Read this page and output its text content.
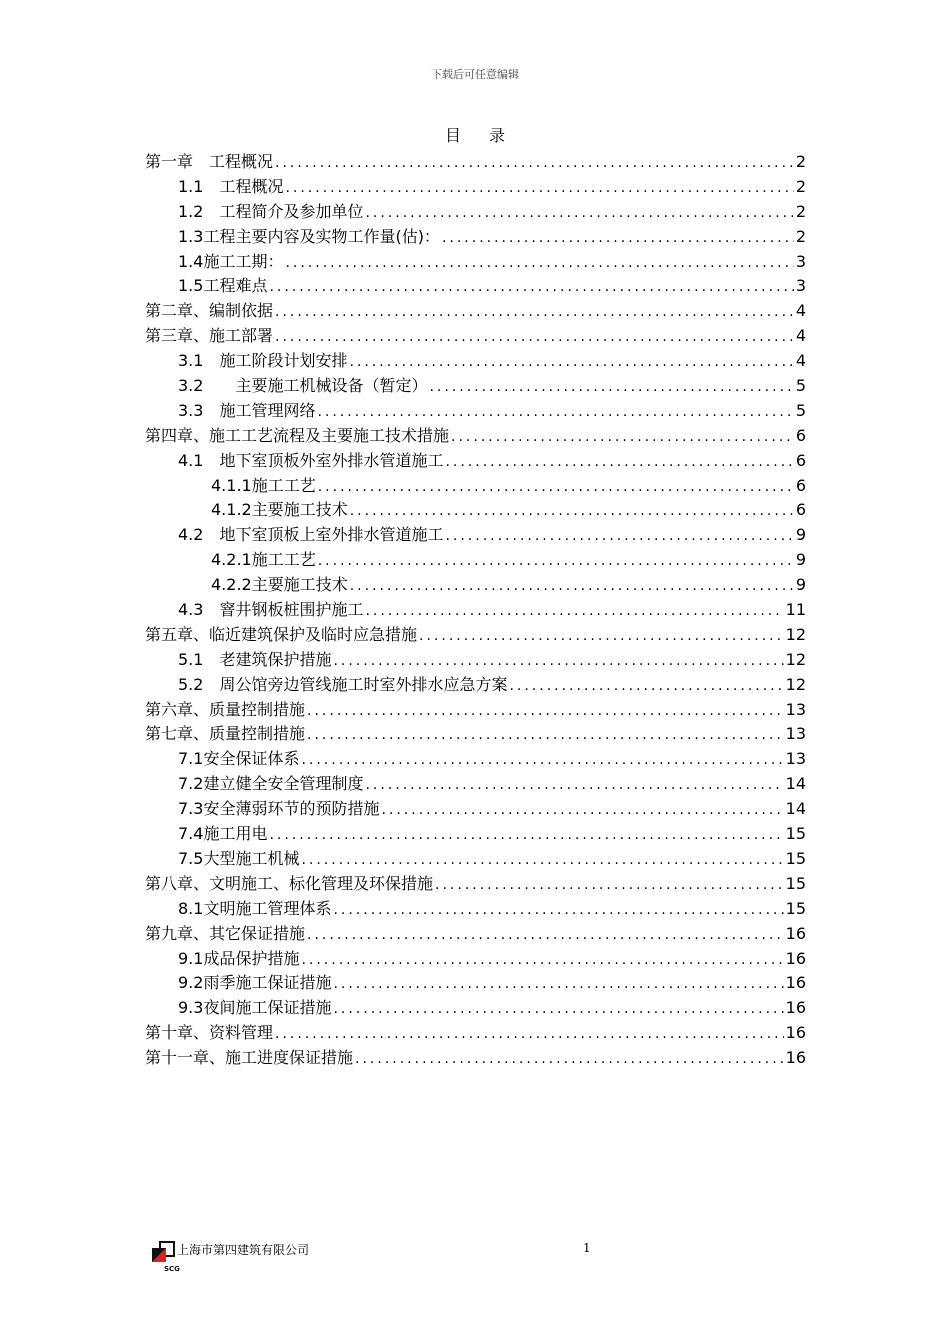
下载后可任意编辑
目录
第一章　工程概况 .....	2
1.1　工程概况 .....	2
1.2　工程简介及参加单位 .....	2
1.3工程主要内容及实物工作量(估)： .....	2
1.4施工工期： .....	3
1.5工程难点 .....	3
第二章、编制依据 .....	4
第三章、施工部署 .....	4
3.1　施工阶段计划安排 .....	4
3.2　　主要施工机械设备（暂定） .....	5
3.3　施工管理网络 .....	5
第四章、施工工艺流程及主要施工技术措施 .....	6
4.1　地下室顶板外室外排水管道施工 .....	6
4.1.1施工工艺 .....	6
4.1.2主要施工技术 .....	6
4.2　地下室顶板上室外排水管道施工 .....	9
4.2.1施工工艺 .....	9
4.2.2主要施工技术 .....	9
4.3　窨井钢板桩围护施工 .....	11
第五章、临近建筑保护及临时应急措施 .....	12
5.1　老建筑保护措施 .....	12
5.2　周公馆旁边管线施工时室外排水应急方案 .....	12
第六章、质量控制措施 .....	13
第七章、质量控制措施 .....	13
7.1安全保证体系 .....	13
7.2建立健全安全管理制度 .....	14
7.3安全薄弱环节的预防措施 .....	14
7.4施工用电 .....	15
7.5大型施工机械 .....	15
第八章、文明施工、标化管理及环保措施 .....	15
8.1文明施工管理体系 .....	15
第九章、其它保证措施 .....	16
9.1成品保护措施 .....	16
9.2雨季施工保证措施 .....	16
9.3夜间施工保证措施 .....	16
第十章、资料管理 .....	16
第十一章、施工进度保证措施 .....	16
SCG
上海市第四建筑有限公司	1
